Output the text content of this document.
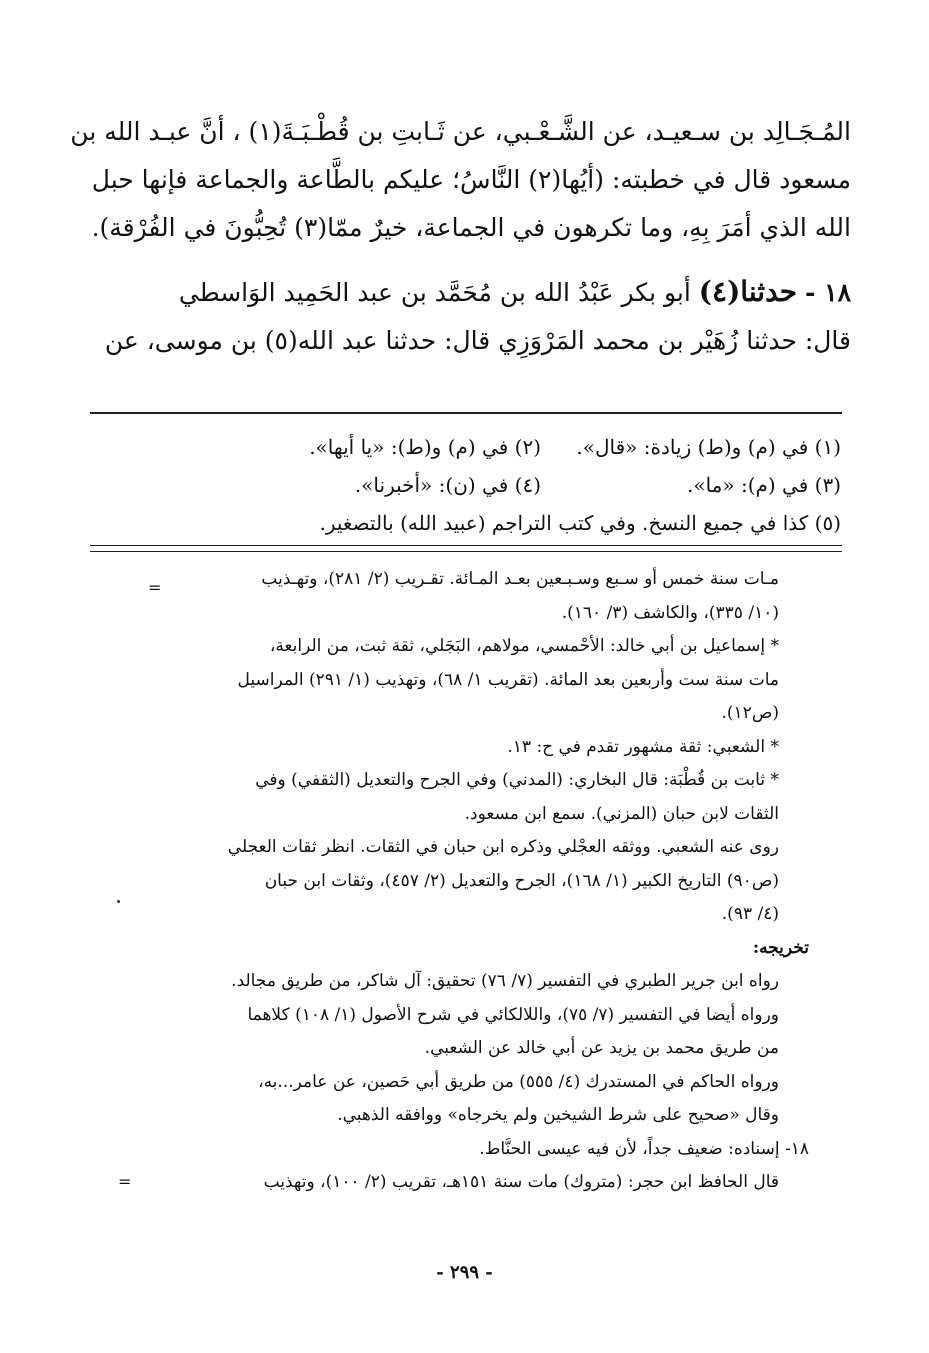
المُـجَـالِد بن سـعيـد، عن الشَّـعْـبي، عن ثَـابتِ بن قُطْـبَـةَ(١) ، أنَّ عبـد الله بن
مسعود قال في خطبته: (أيُها(٢) النَّاسُ؛ عليكم بالطَّاعة والجماعة فإنها حبل
الله الذي أمَرَ بِهِ، وما تكرهون في الجماعة، خيرٌ ممّا(٣) تُحِبُّونَ في الفُرْقة).
١٨ - حدثنا(٤) أبو بكر عَبْدُ الله بن مُحَمَّد بن عبد الحَمِيد الوَاسطي
قال: حدثنا زُهَيْر بن محمد المَرْوَزِي قال: حدثنا عبد الله(٥) بن موسى، عن
(١) في (م) و(ط) زيادة: «قال».
(٢) في (م) و(ط): «يا أيها».
(٣) في (م): «ما».
(٤) في (ن): «أخبرنا».
(٥) كذا في جميع النسخ. وفي كتب التراجم (عبيد الله) بالتصغير.
=	مـات سنة خمس أو سـبع وسـبـعين بعـد المـائة. تقـريب (٢/ ٢٨١)، وتهـذيب
(١٠/ ٣٣٥)، والكاشف (٣/ ١٦٠).
* إسماعيل بن أبي خالد: الأحْمسي، مولاهم، البَجَلي، ثقة ثبت، من الرابعة،
مات سنة ست وأربعين بعد المائة. (تقريب ١/ ٦٨)، وتهذيب (١/ ٢٩١) المراسيل
(ص١٢).
* الشعبي: ثقة مشهور تقدم في ح: ١٣.
* ثابت بن قُطْبَة: قال البخاري: (المدني) وفي الجرح والتعديل (الثقفي) وفي
الثقات لابن حبان (المزني). سمع ابن مسعود.
روى عنه الشعبي. ووثقه العجْلي وذكره ابن حبان في الثقات. انظر ثقات العجلي
(ص٩٠) التاريخ الكبير (١/ ١٦٨)، الجرح والتعديل (٢/ ٤٥٧)، وثقات ابن حبان
(٤/ ٩٣).
تخريجه:
رواه ابن جرير الطبري في التفسير (٧/ ٧٦) تحقيق: آل شاكر، من طريق مجالد.
ورواه أيضا في التفسير (٧/ ٧٥)، واللالكائي في شرح الأصول (١/ ١٠٨) كلاهما
من طريق محمد بن يزيد عن أبي خالد عن الشعبي.
ورواه الحاكم في المستدرك (٤/ ٥٥٥) من طريق أبي حَصين، عن عامر...به،
وقال «صحيح على شرط الشيخين ولم يخرجاه» ووافقه الذهبي.
١٨- إسناده: ضعيف جداً، لأن فيه عيسى الحنَّاط.
قال الحافظ ابن حجر: (متروك) مات سنة ١٥١هـ، تقريب (٢/ ١٠٠)، وتهذيب
=
- ٢٩٩ -
